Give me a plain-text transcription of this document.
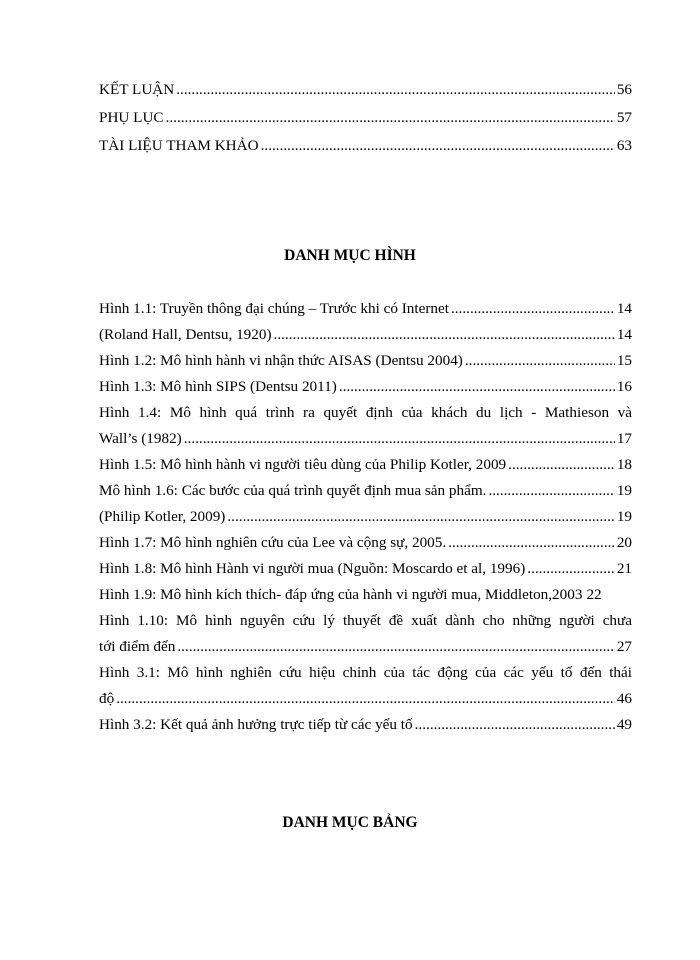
KẾT LUẬN .....	56
PHỤ LỤC .....	57
TÀI LIỆU THAM KHẢO .....	63
DANH MỤC HÌNH
Hình 1.1: Truyền thông đại chúng – Trước khi có Internet .....	14
(Roland Hall, Dentsu, 1920) .....	14
Hình 1.2: Mô hình hành vi nhận thức AISAS (Dentsu 2004) .....	15
Hình 1.3: Mô hình SIPS (Dentsu 2011) .....	16
Hình 1.4: Mô hình quá trình ra quyết định của khách du lịch - Mathieson và
Wall’s (1982) .....	17
Hình 1.5: Mô hình hành vi người tiêu dùng của Philip Kotler, 2009 .....	18
Mô hình 1.6: Các bước của quá trình quyết định mua sản phẩm. .....	19
(Philip Kotler, 2009) .....	19
Hình 1.7: Mô hình nghiên cứu của Lee và cộng sự, 2005. .....	20
Hình 1.8: Mô hình Hành vi người mua (Nguồn: Moscardo et al, 1996) .....	21
Hình 1.9: Mô hình kích thích- đáp ứng của hành vi người mua, Middleton,2003 22
Hình 1.10: Mô hình nguyên cứu lý thuyết đề xuất dành cho những người chưa
tới điểm đến .....	27
Hình 3.1: Mô hình nghiên cứu hiệu chỉnh của tác động của các yếu tố đến thái
độ .....	46
Hình 3.2: Kết quả ảnh hưởng trực tiếp từ các yếu tố .....	49
DANH MỤC BẢNG
